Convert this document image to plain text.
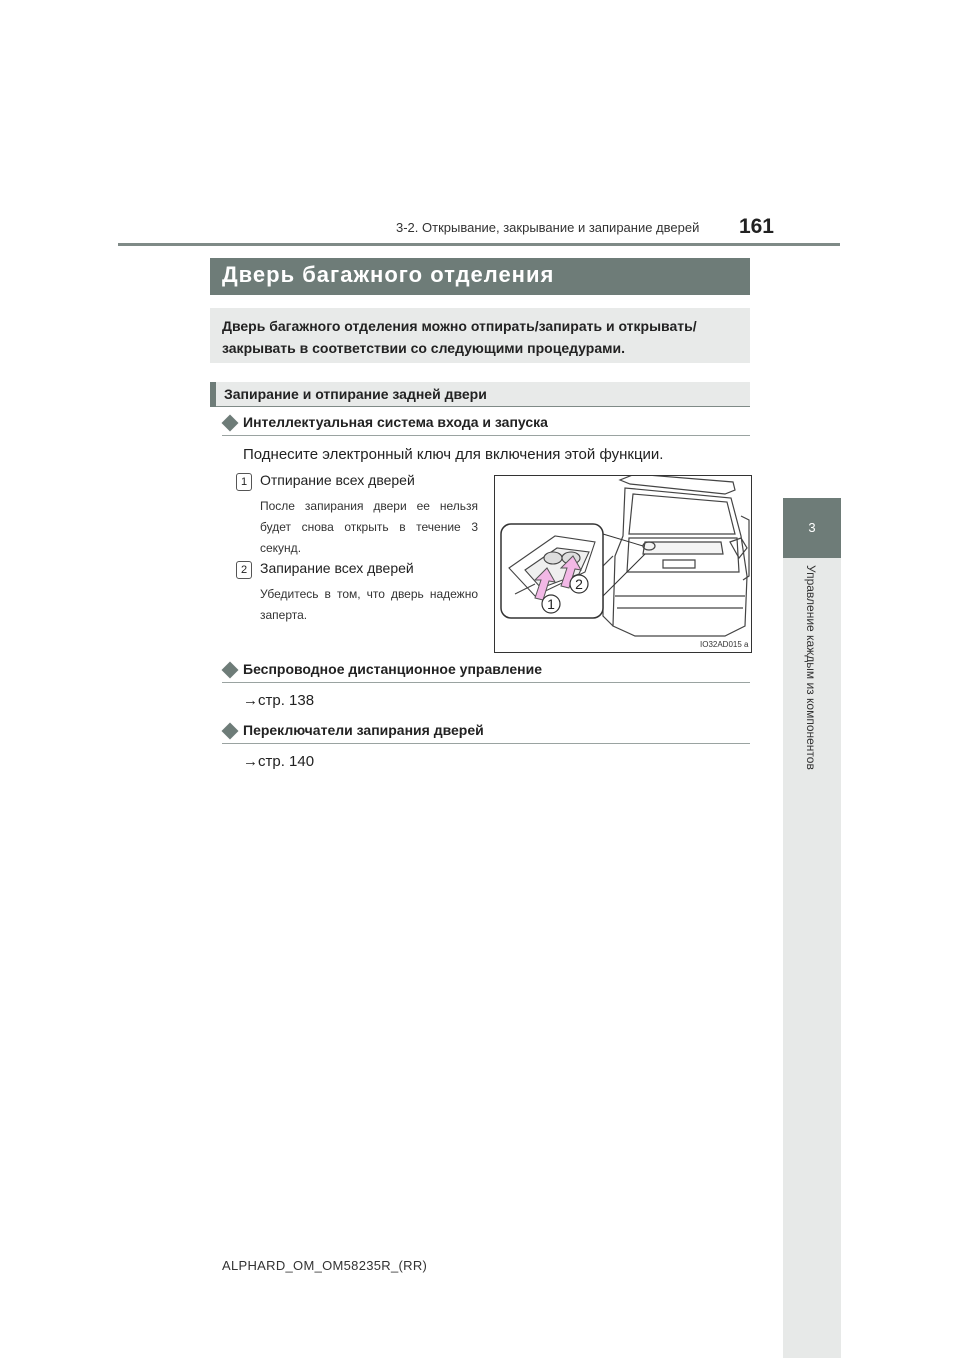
3-2. Открывание, закрывание и запирание дверей 161
3
Управление каждым из компонентов
Дверь багажного отделения
Дверь багажного отделения можно отпирать/запирать и открывать/закрывать в соответствии со следующими процедурами.
Запирание и отпирание задней двери
Интеллектуальная система входа и запуска
Поднесите электронный ключ для включения этой функции.
1 Отпирание всех дверей
После запирания двери ее нельзя будет снова открыть в течение 3 секунд.
2 Запирание всех дверей
Убедитесь в том, что дверь надежно заперта.
1
2
IO32AD015 a
Беспроводное дистанционное управление
→стр. 138
Переключатели запирания дверей
→стр. 140
ALPHARD_OM_OM58235R_(RR)
